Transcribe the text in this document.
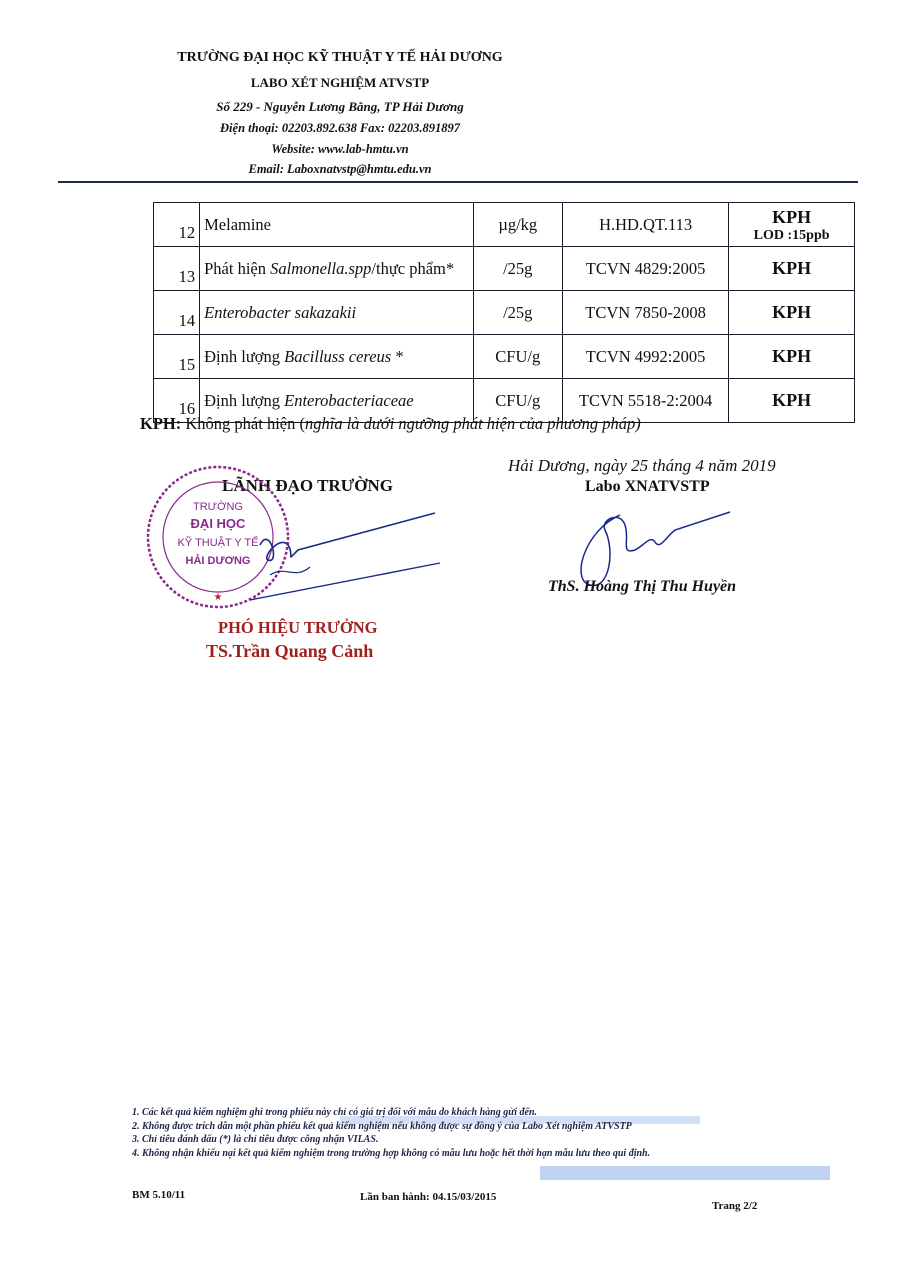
TRƯỜNG ĐẠI HỌC KỸ THUẬT Y TẾ HẢI DƯƠNG
LABO XÉT NGHIỆM ATVSTP
Số 229 - Nguyễn Lương Bằng, TP Hải Dương
Điện thoại: 02203.892.638 Fax: 02203.891897
Website: www.lab-hmtu.vn
Email: Laboxnatvstp@hmtu.edu.vn
12	Melamine	µg/kg	H.HD.QT.113	KPH
LOD :15ppb

13	Phát hiện Salmonella.spp/thực phẩm*	/25g	TCVN 4829:2005	KPH
14	Enterobacter sakazakii	/25g	TCVN 7850-2008	KPH
15	Định lượng Bacilluss cereus *	CFU/g	TCVN 4992:2005	KPH
16	Định lượng Enterobacteriaceae	CFU/g	TCVN 5518-2:2004	KPH
KPH: Không phát hiện (nghĩa là dưới ngưỡng phát hiện của phương pháp)
LÃNH ĐẠO TRƯỜNG
TRƯỜNG
ĐẠI HỌC
KỸ THUẬT Y TẾ
HẢI DƯƠNG
★
PHÓ HIỆU TRƯỞNG
TS.Trần Quang Cảnh
Hải Dương, ngày 25 tháng 4 năm 2019
Labo XNATVSTP
ThS. Hoàng Thị Thu Huyền
1. Các kết quả kiểm nghiệm ghi trong phiếu này chỉ có giá trị đối với mẫu do khách hàng gửi đến.
2. Không được trích dẫn một phần phiếu kết quả kiểm nghiệm nếu không được sự đồng ý của Labo Xét nghiệm ATVSTP
3. Chỉ tiêu đánh dấu (*) là chỉ tiêu được công nhận VILAS.
4. Không nhận khiếu nại kết quả kiểm nghiệm trong trường hợp không có mẫu lưu hoặc hết thời hạn mẫu lưu theo qui định.
BM 5.10/11	Lần ban hành: 04.15/03/2015
Trang 2/2
